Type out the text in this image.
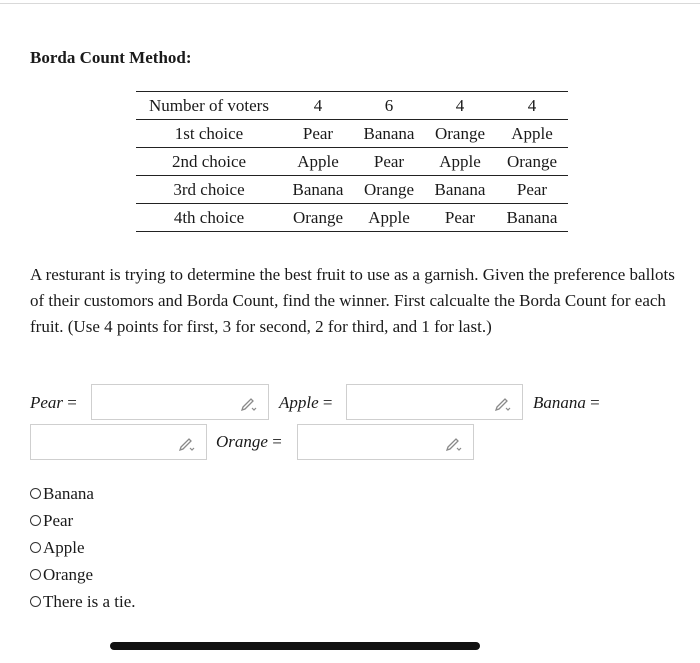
Borda Count Method:
Number of voters	4	6	4	4
1st choice	Pear	Banana	Orange	Apple
2nd choice	Apple	Pear	Apple	Orange
3rd choice	Banana	Orange	Banana	Pear
4th choice	Orange	Apple	Pear	Banana
A resturant is trying to determine the best fruit to use as a garnish. Given the preference ballots of their customors and Borda Count, find the winner. First calcualte the Borda Count for each fruit. (Use 4 points for first, 3 for second, 2 for third, and 1 for last.)
Pear =	Apple =	Banana =
Orange =
Banana
Pear
Apple
Orange
There is a tie.
